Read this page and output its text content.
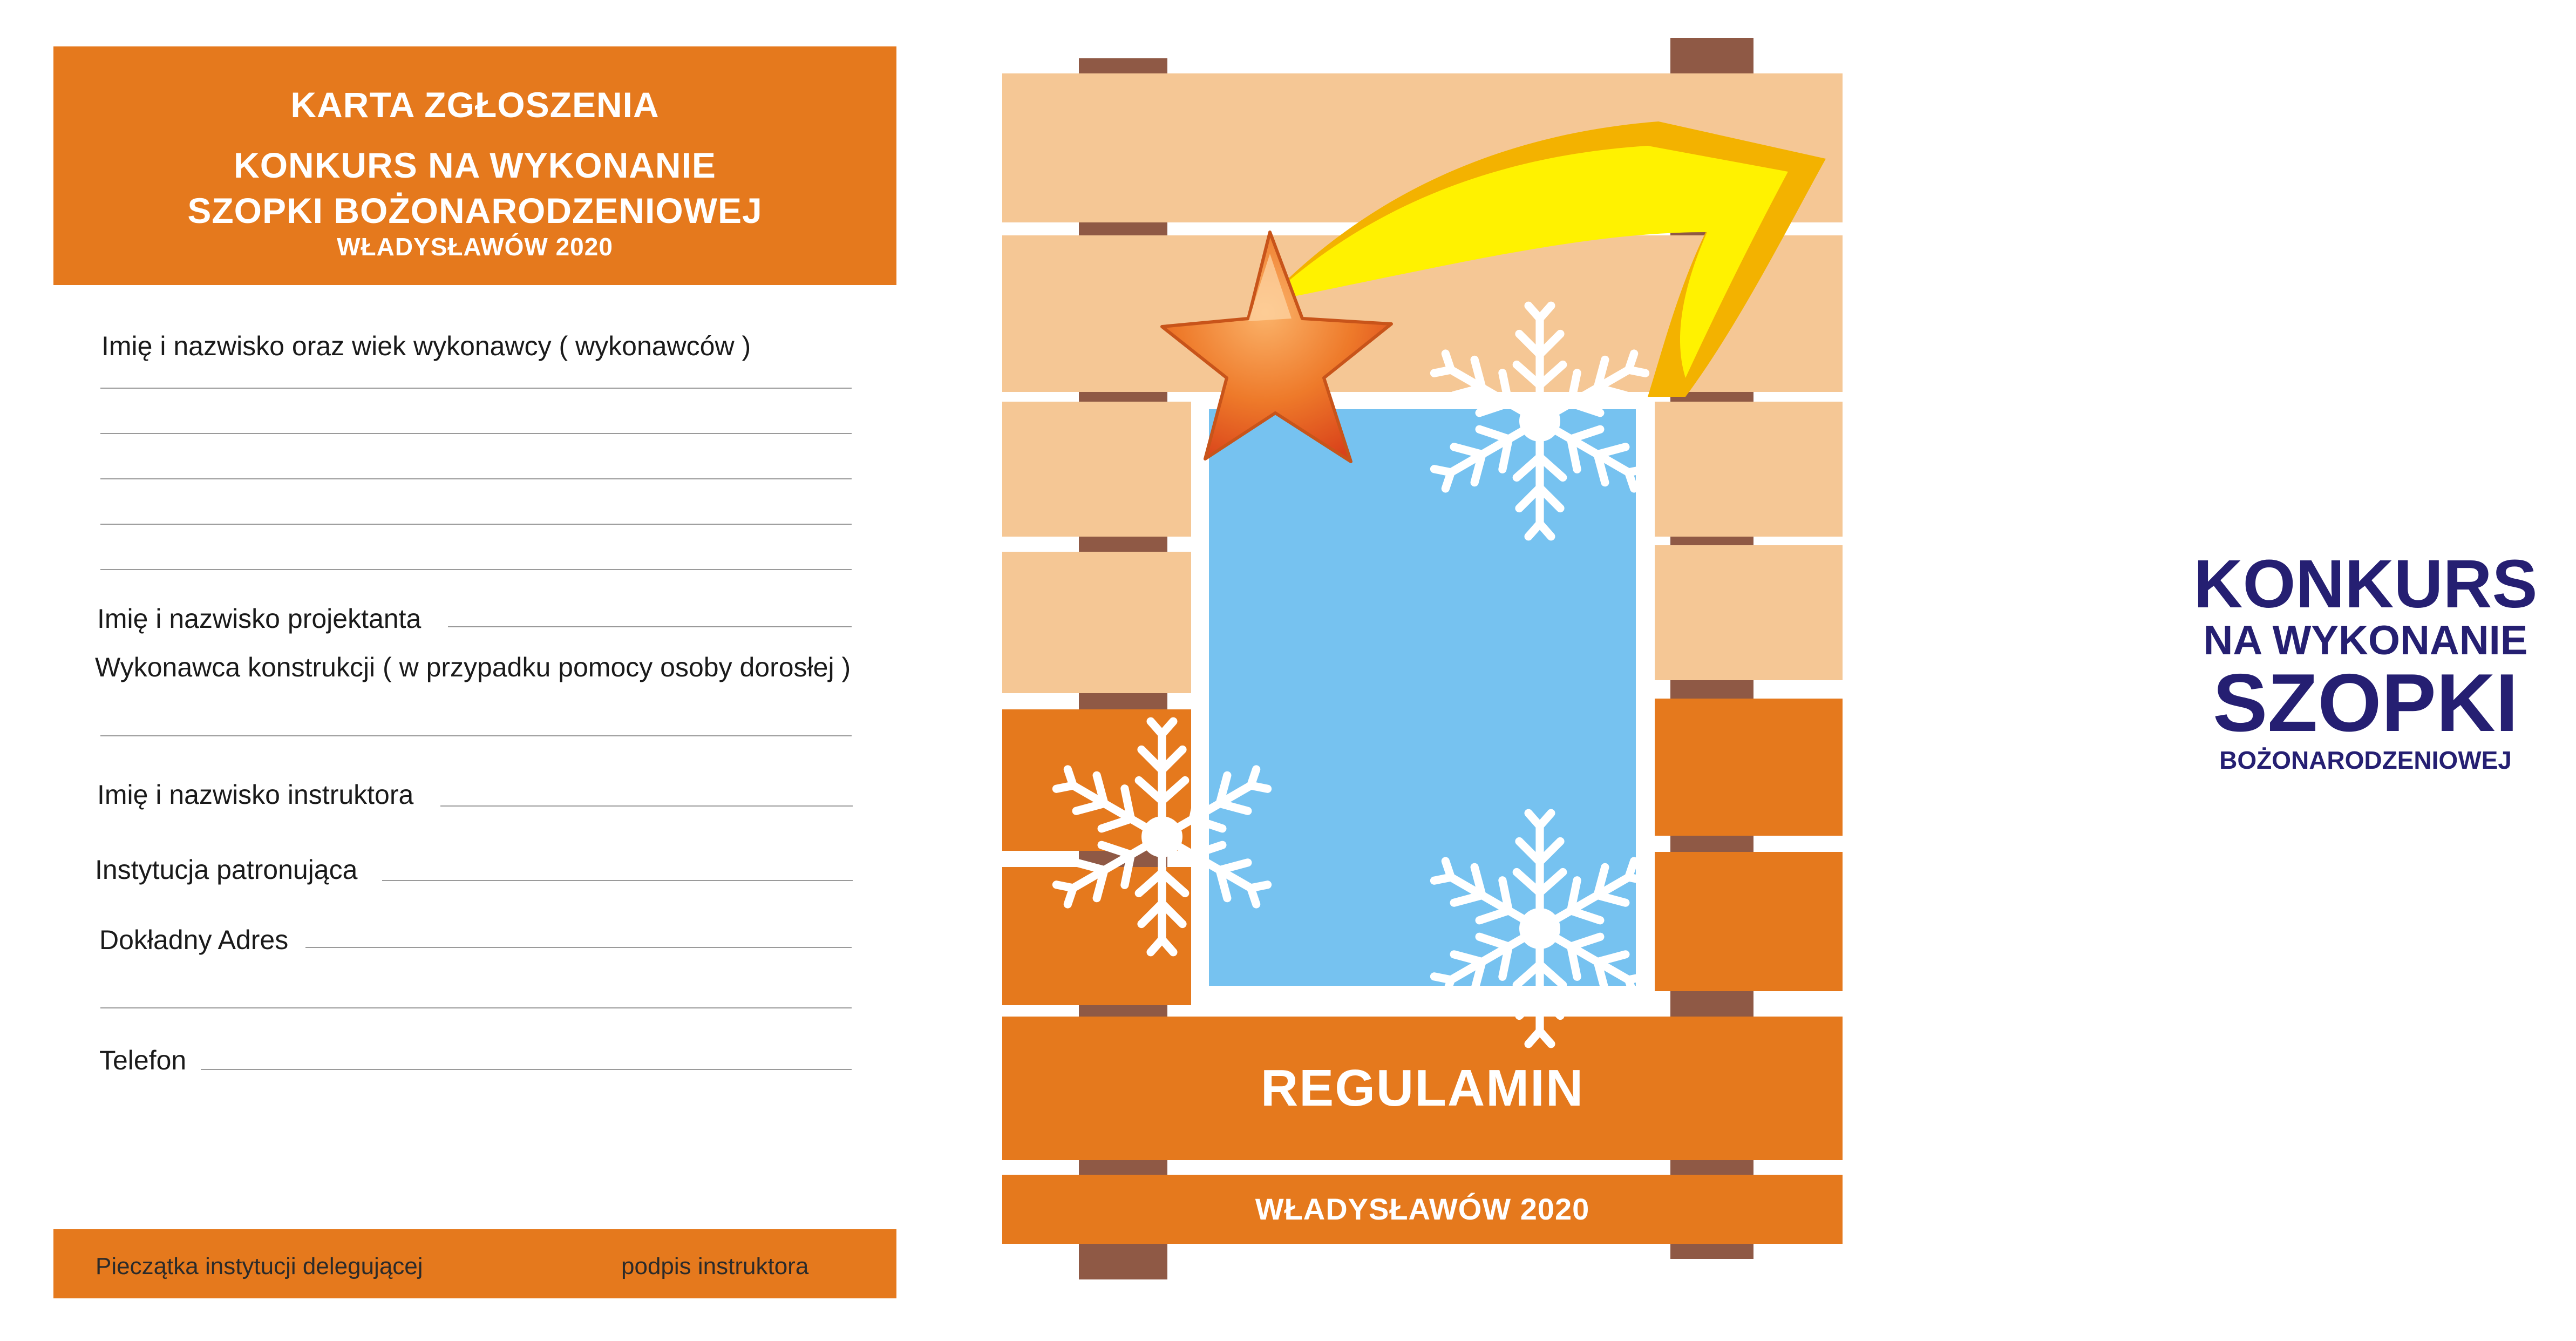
KARTA ZGŁOSZENIA
KONKURS NA WYKONANIE
SZOPKI BOŻONARODZENIOWEJ
WŁADYSŁAWÓW 2020
Imię i nazwisko oraz wiek wykonawcy ( wykonawców )
Imię i nazwisko projektanta
Wykonawca konstrukcji ( w przypadku pomocy osoby dorosłej )
Imię i nazwisko instruktora
Instytucja patronująca
Dokładny Adres
Telefon
Pieczątka instytucji delegującej	podpis instruktora
KONKURS
NA WYKONANIE
SZOPKI
BOŻONARODZENIOWEJ
REGULAMIN
WŁADYSŁAWÓW 2020
